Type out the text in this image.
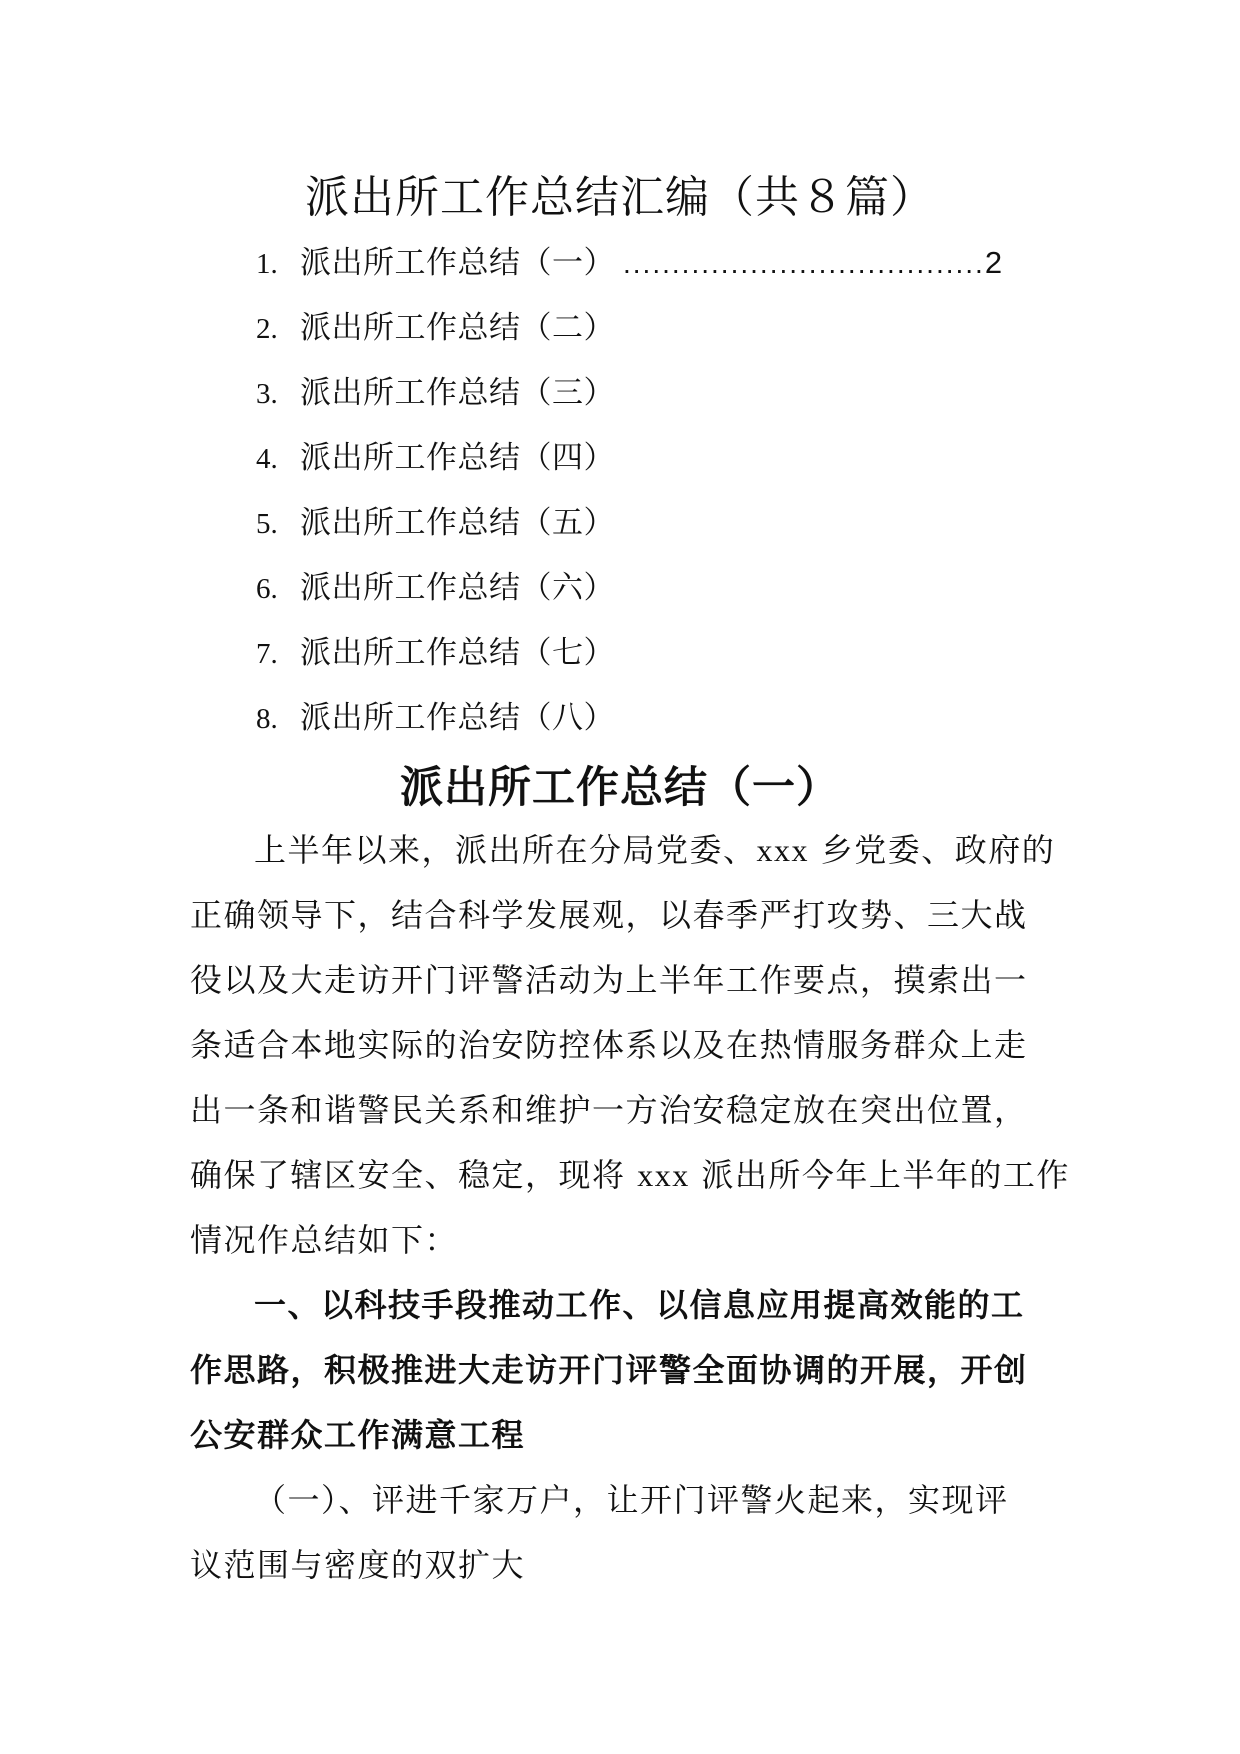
派出所工作总结汇编（共８篇）
1. 派出所工作总结（一） ..................................... 2
2. 派出所工作总结（二）
3. 派出所工作总结（三）
4. 派出所工作总结（四）
5. 派出所工作总结（五）
6. 派出所工作总结（六）
7. 派出所工作总结（七）
8. 派出所工作总结（八）
派出所工作总结（一）

上半年以来，派出所在分局党委、xxx 乡党委、政府的
正确领导下，结合科学发展观，以春季严打攻势、三大战
役以及大走访开门评警活动为上半年工作要点，摸索出一
条适合本地实际的治安防控体系以及在热情服务群众上走
出一条和谐警民关系和维护一方治安稳定放在突出位置，
确保了辖区安全、稳定，现将 xxx 派出所今年上半年的工作
情况作总结如下：

一、以科技手段推动工作、以信息应用提高效能的工
作思路，积极推进大走访开门评警全面协调的开展，开创
公安群众工作满意工程

（一）、评进千家万户，让开门评警火起来，实现评
议范围与密度的双扩大
